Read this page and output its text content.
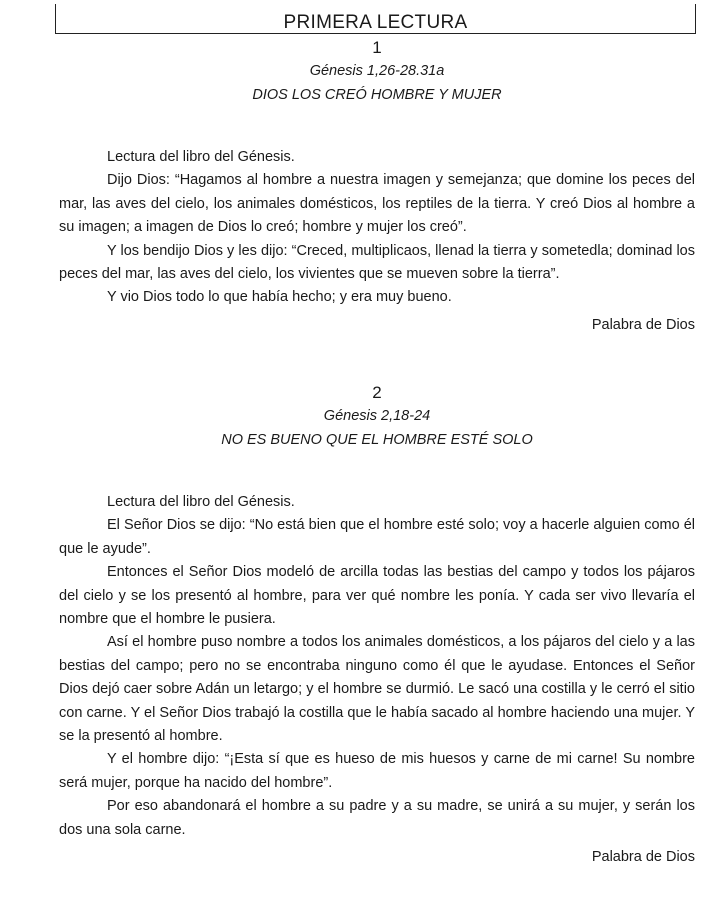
PRIMERA LECTURA
1
Génesis 1,26-28.31a
DIOS LOS CREÓ HOMBRE Y MUJER

Lectura del libro del Génesis.

Dijo Dios: “Hagamos al hombre a nuestra imagen y semejanza; que domine los peces del mar, las aves del cielo, los animales domésticos, los reptiles de la tierra. Y creó Dios al hombre a su imagen; a imagen de Dios lo creó; hombre y mujer los creó”.

Y los bendijo Dios y les dijo: “Creced, multiplicaos, llenad la tierra y sometedla; dominad los peces del mar, las aves del cielo, los vivientes que se mueven sobre la tierra”.

Y vio Dios todo lo que había hecho; y era muy bueno.

Palabra de Dios
2
Génesis 2,18-24
NO ES BUENO QUE EL HOMBRE ESTÉ SOLO

Lectura del libro del Génesis.

El Señor Dios se dijo: “No está bien que el hombre esté solo; voy a hacerle alguien como él que le ayude”.

Entonces el Señor Dios modeló de arcilla todas las bestias del campo y todos los pájaros del cielo y se los presentó al hombre, para ver qué nombre les ponía. Y cada ser vivo llevaría el nombre que el hombre le pusiera.

Así el hombre puso nombre a todos los animales domésticos, a los pájaros del cielo y a las bestias del campo; pero no se encontraba ninguno como él que le ayudase. Entonces el Señor Dios dejó caer sobre Adán un letargo; y el hombre se durmió. Le sacó una costilla y le cerró el sitio con carne. Y el Señor Dios trabajó la costilla que le había sacado al hombre haciendo una mujer. Y se la presentó al hombre.

Y el hombre dijo: “¡Esta sí que es hueso de mis huesos y carne de mi carne! Su nombre será mujer, porque ha nacido del hombre”.

Por eso abandonará el hombre a su padre y a su madre, se unirá a su mujer, y serán los dos una sola carne.

Palabra de Dios
